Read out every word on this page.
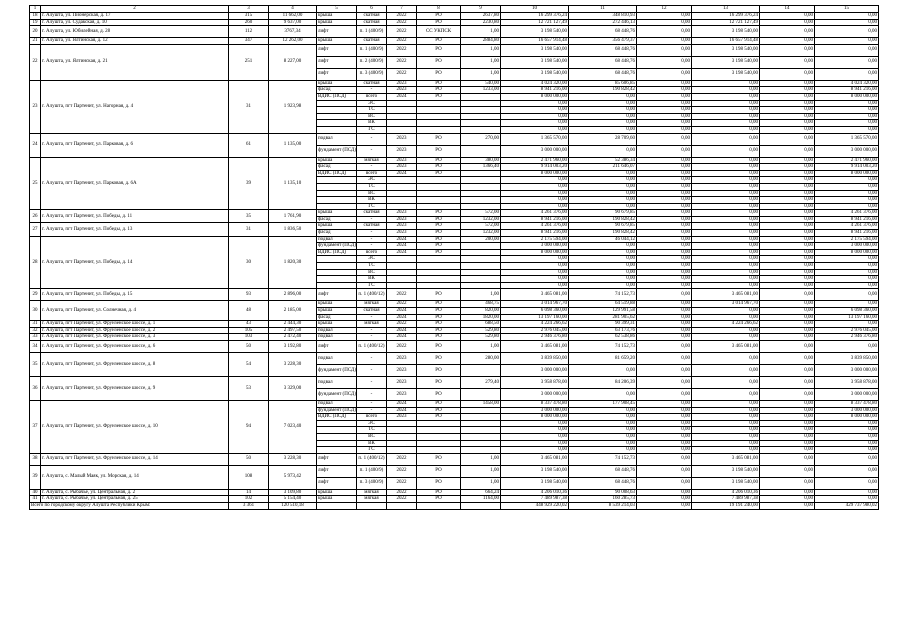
1	2	3	4	5	6	7	8	9	10	11	12	13	14	15
18	г. Алушта, ул. Пионерская, д. 17	315	11 662,00	крыша	скатная	2022	РО	2637,80	16 299 376,24	348 810,93	0,00	16 299 376,24	0,00	0,00
19	г. Алушта, ул. Судакская, д. 10	260	9 637,00	крыша	скатная	2022	РО	2230,80	12 721 127,49	272 446,13	0,00	12 721 127,49	0,00	0,00
20	г. Алушта, ул. Юбилейная, д. 28	112	3767,34	лифт	п. 1 (400/9)	2022	СС УКПСК	1,00	3 198 540,00	68 448,76	0,00	3 198 540,00	0,00	0,00
21	г. Алушта, ул. Ялтинская, д. 12	347	12 262,00	крыша	скатная	2022	РО	2884,80	16 657 914,48	356 479,37	0,00	16 657 914,48	0,00	0,00
22	г. Алушта, ул. Ялтинская, д. 21	251	8 227,00	лифт	п. 1 (400/9)	2022	РО	1,00	3 198 540,00	68 448,76	0,00	3 198 540,00	0,00	0,00
				лифт	п. 2 (400/9)	2022	РО	1,00	3 198 540,00	68 448,76	0,00	3 198 540,00	0,00	0,00
				лифт	п. 3 (400/9)	2022	РО	1,00	3 198 540,00	68 448,76	0,00	3 198 540,00	0,00	0,00
23	г. Алушта, пгт Партенит, ул. Нагорная, д. 4	31	1 923,98	крыша	скатная	2023	РО	540,00	4 024 320,00	85 606,85	0,00	0,00	0,00	4 024 320,00
				фасад	-	2023	РО	1233,00	8 941 216,00	190 828,42	0,00	0,00	0,00	8 941 216,00
				ВДИС (ПСД)	всего	2024	РО		8 000 000,00	0,00	0,00	0,00	0,00	8 000 000,00
					ЭС				0,00	0,00	0,00	0,00	0,00	0,00
					ТС				0,00	0,00	0,00	0,00	0,00	0,00
					ВС				0,00	0,00	0,00	0,00	0,00	0,00
					ВК				0,00	0,00	0,00	0,00	0,00	0,00
					ГС				0,00	0,00	0,00	0,00	0,00	0,00
24	г. Алушта, пгт Партенит, ул. Парковая, д. 6	61	1 135,00	подвал	-	2023	РО	270,00	1 365 570,00	28 709,60	0,00	0,00	0,00	1 365 570,00
				фундамент (ПСД)	-	2023	РО		3 000 000,00	0,00	0,00	0,00	0,00	3 000 000,00
25	г. Алушта, пгт Партенит, ул. Парковая, д. 6А	39	1 135,10	крыша	мягкая	2023	РО	380,00	2 471 960,00	52 386,34	0,00	0,00	0,00	2 471 960,00
				фасад	-	2023	РО	1366,40	9 914 003,20	211 646,07	0,00	0,00	0,00	9 914 003,20
				ВДИС (ПСД)	всего	2024	РО		8 000 000,00	0,00	0,00	0,00	0,00	8 000 000,00
					ЭС				0,00	0,00	0,00	0,00	0,00	0,00
					ТС				0,00	0,00	0,00	0,00	0,00	0,00
					ВС				0,00	0,00	0,00	0,00	0,00	0,00
					ВК				0,00	0,00	0,00	0,00	0,00	0,00
					ГС				0,00	0,00	0,00	0,00	0,00	0,00
26	г. Алушта, пгт Партенит, ул. Победы, д. 11	35	1 761,90	крыша	скатная	2023	РО	572,00	4 261 376,00	90 679,85	0,00	0,00	0,00	4 261 376,00
				фасад	-	2023	РО	1232,00	8 941 216,00	190 828,42	0,00	0,00	0,00	8 941 216,00
27	г. Алушта, пгт Партенит, ул. Победы, д. 13	31	1 836,50	крыша	скатная	2023	РО	572,00	4 261 376,00	90 679,85	0,00	0,00	0,00	4 261 376,00
				фасад	-	2023	РО	1232,00	8 941 216,00	190 828,42	0,00	0,00	0,00	8 941 216,00
28	г. Алушта, пгт Партенит, ул. Победы, д. 14	30	1 820,30	подвал	-	2024	РО	200,00	2 175 594,00	46 044,12	0,00	0,00	0,00	2 175 594,00
				фундамент (ПСД)	-	2024	РО		3 000 000,00	0,00	0,00	0,00	0,00	3 000 000,00
				ВДИС (ПСД)	всего	2024	РО		8 000 000,00	0,00	0,00	0,00	0,00	8 000 000,00
					ЭС				0,00	0,00	0,00	0,00	0,00	0,00
					ТС				0,00	0,00	0,00	0,00	0,00	0,00
					ВС				0,00	0,00	0,00	0,00	0,00	0,00
					ВК				0,00	0,00	0,00	0,00	0,00	0,00
					ГС				0,00	0,00	0,00	0,00	0,00	0,00
29	г. Алушта, пгт Партенит, ул. Победы, д. 15	93	2 896,00	лифт	п. 1 (400/12)	2022	РО	1,00	3 465 081,00	74 152,73	0,00	3 465 081,00	0,00	0,00
30	г. Алушта, пгт Партенит, ул. Солнечная, д. 4	48	2 185,00	крыша	мягкая	2022	РО	468,75	3 014 967,70	64 519,88	0,00	3 014 967,70	0,00	0,00
				крыша	скатная	2024	РО	820,00	6 098 360,00	129 991,58	0,00	0,00	0,00	6 098 360,00
				фасад	-	2024	РО	1820,00	13 197 160,00	281 905,62	0,00	0,00	0,00	13 197 160,00
31	г. Алушта, пгт Партенит, ул. Фрунзенское шоссе, д. 1	43	2 444,30	крыша	мягкая	2022	РО	688,50	4 224 266,62	90 399,31	0,00	4 224 266,62	0,00	0,00
32	г. Алушта, пгт Партенит, ул. Фрунзенское шоссе, д. 2	105	2 497,50	подвал	-	2024	РО	529,80	2 976 045,00	63 173,76	0,00	0,00	0,00	2 976 045,00
33	г. Алушта, пгт Партенит, ул. Фрунзенское шоссе, д. 3	103	2 472,40	подвал	-	2024	РО	529,80	2 946 376,80	62 538,86	0,00	0,00	0,00	2 946 376,80
34	г. Алушта, пгт Партенит, ул. Фрунзенское шоссе, д. 6	50	3 192,80	лифт	п. 1 (400/12)	2022	РО	1,00	3 465 081,00	74 152,73	0,00	3 465 081,00	0,00	0,00
35	г. Алушта, пгт Партенит, ул. Фрунзенское шоссе, д. 8	54	3 228,30	подвал	-	2023	РО	280,00	3 839 850,00	81 659,20	0,00	0,00	0,00	3 839 850,00
				фундамент (ПСД)	-	2023	РО		3 000 000,00	0,00	0,00	0,00	0,00	3 000 000,00
36	г. Алушта, пгт Партенит, ул. Фрунзенское шоссе, д. 9	53	3 329,00	подвал	-	2023	РО	279,40	3 958 878,00	84 206,39	0,00	0,00	0,00	3 958 878,00
				фундамент (ПСД)	-	2023	РО		3 000 000,00	0,00	0,00	0,00	0,00	3 000 000,00
37	г. Алушта, пгт Партенит, ул. Фрунзенское шоссе, д. 10	94	7 023,40	подвал	-	2024	РО	1458,00	8 337 478,80	177 908,45	0,00	0,00	0,00	8 337 478,80
				фундамент (ПСД)	-	2024	РО		3 000 000,00	0,00	0,00	0,00	0,00	3 000 000,00
				ВДИС (ПСД)	всего	2023	РО		8 000 000,00	0,00	0,00	0,00	0,00	8 000 000,00
					ЭС				0,00	0,00	0,00	0,00	0,00	0,00
					ТС				0,00	0,00	0,00	0,00	0,00	0,00
					ВС				0,00	0,00	0,00	0,00	0,00	0,00
					ВК				0,00	0,00	0,00	0,00	0,00	0,00
					ГС				0,00	0,00	0,00	0,00	0,00	0,00
38	г. Алушта, пгт Партенит, ул. Фрунзенское шоссе, д. 14	50	3 228,30	лифт	п. 1 (400/12)	2022	РО	1,00	3 465 081,00	74 152,73	0,00	3 465 081,00	0,00	0,00
39	г. Алушта, с. Малый Маяк, ул. Морская, д. 14	108	5 973,42	лифт	п. 1 (400/9)	2022	РО	1,00	3 198 540,00	68 448,76	0,00	3 198 540,00	0,00	0,00
				лифт	п. 3 (400/9)	2022	РО	1,00	3 198 540,00	68 448,76	0,00	3 198 540,00	0,00	0,00
40	г. Алушта, с. Рыбачье, ул. Центральная, д. 2	14	3 109,80	крыша	мягкая	2022	РО	664,24	4 206 010,36	90 008,63	0,00	4 206 010,36	0,00	0,00
41	г. Алушта, с. Рыбачье, ул. Центральная, д. 25	102	5 154,40	крыша	мягкая	2022	РО	1164,00	7 489 987,38	160 285,73	0,00	7 489 987,38	0,00	0,00
Всего по городскому округу Алушта Республики Крым:		3 361	120 510,18						448 929 220,02	8 539 214,03	0,00	19 191 240,00	0,00	429 737 980,02
